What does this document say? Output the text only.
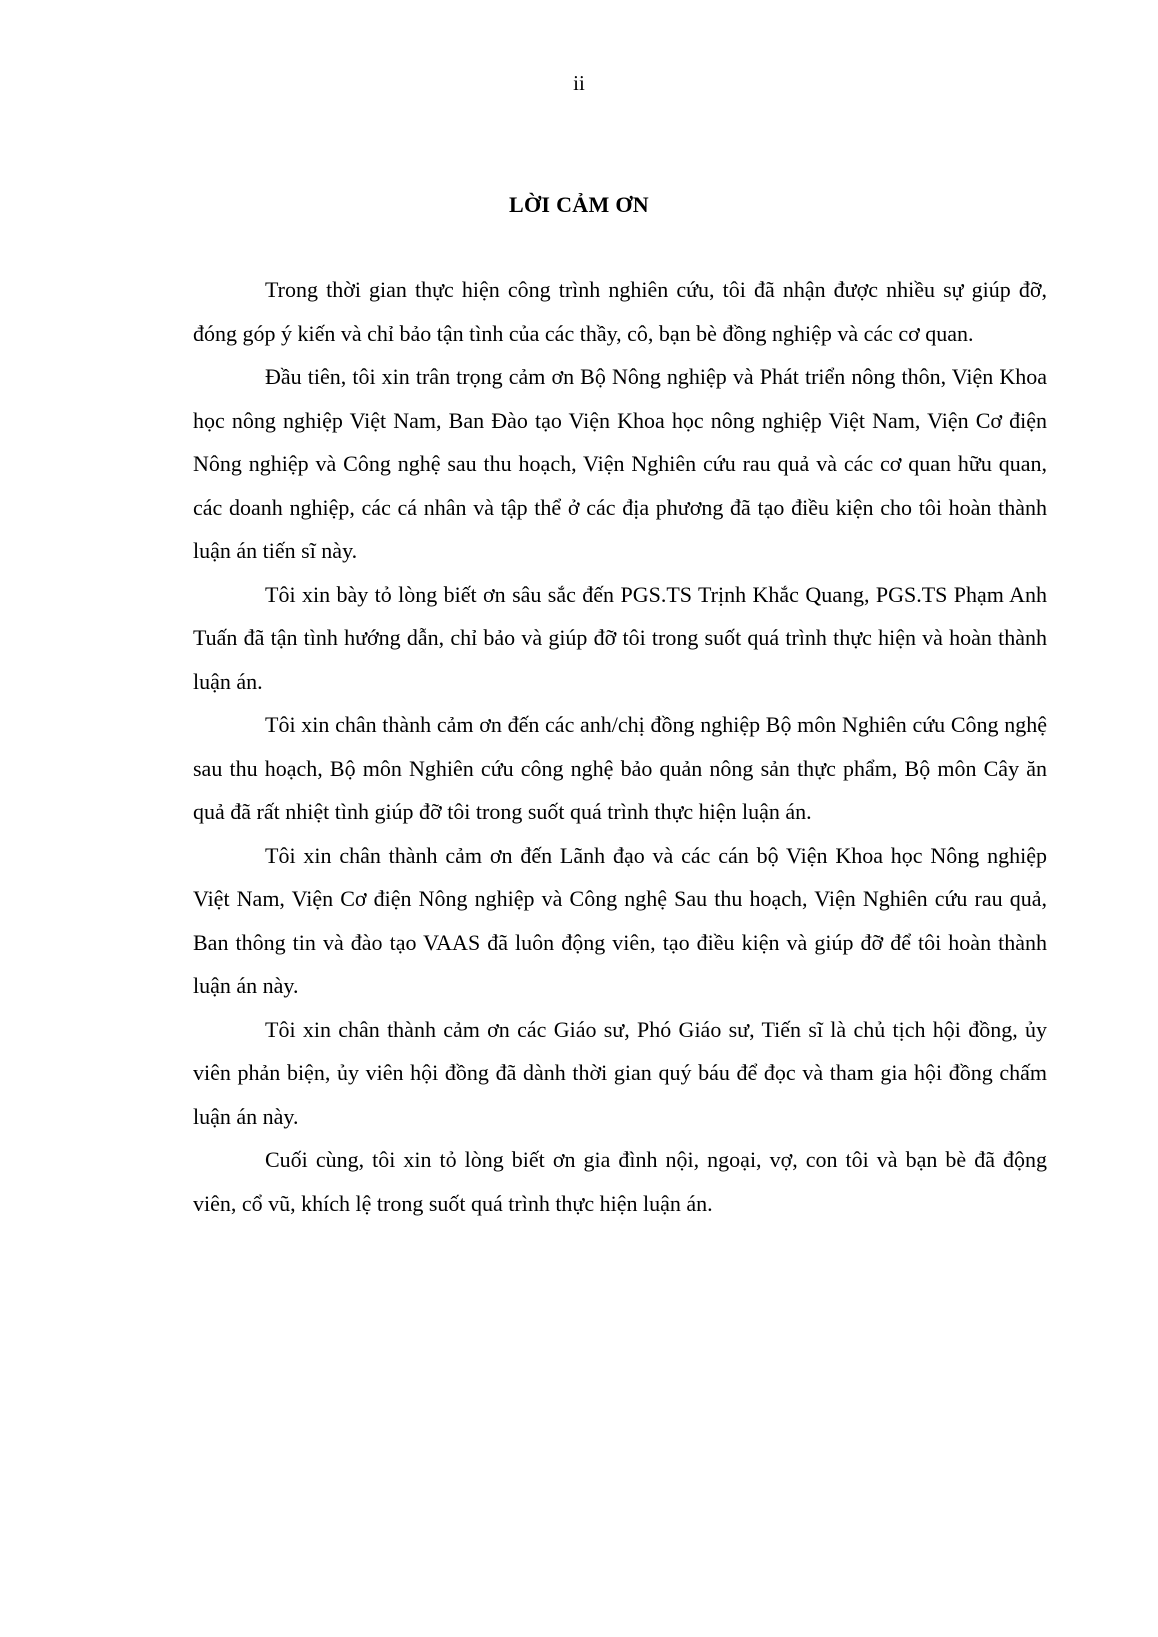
ii
LỜI CẢM ƠN

Trong thời gian thực hiện công trình nghiên cứu, tôi đã nhận được nhiều sự giúp đỡ, đóng góp ý kiến và chỉ bảo tận tình của các thầy, cô, bạn bè đồng nghiệp và các cơ quan.

Đầu tiên, tôi xin trân trọng cảm ơn Bộ Nông nghiệp và Phát triển nông thôn, Viện Khoa học nông nghiệp Việt Nam, Ban Đào tạo Viện Khoa học nông nghiệp Việt Nam, Viện Cơ điện Nông nghiệp và Công nghệ sau thu hoạch, Viện Nghiên cứu rau quả và các cơ quan hữu quan, các doanh nghiệp, các cá nhân và tập thể ở các địa phương đã tạo điều kiện cho tôi hoàn thành luận án tiến sĩ này.

Tôi xin bày tỏ lòng biết ơn sâu sắc đến PGS.TS Trịnh Khắc Quang, PGS.TS Phạm Anh Tuấn đã tận tình hướng dẫn, chỉ bảo và giúp đỡ tôi trong suốt quá trình thực hiện và hoàn thành luận án.

Tôi xin chân thành cảm ơn đến các anh/chị đồng nghiệp Bộ môn Nghiên cứu Công nghệ sau thu hoạch, Bộ môn Nghiên cứu công nghệ bảo quản nông sản thực phẩm, Bộ môn Cây ăn quả đã rất nhiệt tình giúp đỡ tôi trong suốt quá trình thực hiện luận án.

Tôi xin chân thành cảm ơn đến Lãnh đạo và các cán bộ Viện Khoa học Nông nghiệp Việt Nam, Viện Cơ điện Nông nghiệp và Công nghệ Sau thu hoạch, Viện Nghiên cứu rau quả, Ban thông tin và đào tạo VAAS đã luôn động viên, tạo điều kiện và giúp đỡ để tôi hoàn thành luận án này.

Tôi xin chân thành cảm ơn các Giáo sư, Phó Giáo sư, Tiến sĩ là chủ tịch hội đồng, ủy viên phản biện, ủy viên hội đồng đã dành thời gian quý báu để đọc và tham gia hội đồng chấm luận án này.

Cuối cùng, tôi xin tỏ lòng biết ơn gia đình nội, ngoại, vợ, con tôi và bạn bè đã động viên, cổ vũ, khích lệ trong suốt quá trình thực hiện luận án.
